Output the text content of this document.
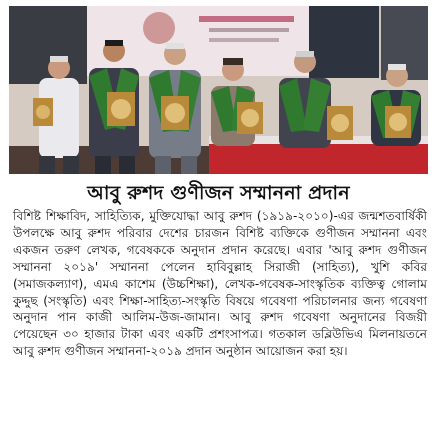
আবু রুশদ গুণীজন সম্মাননা প্রদান

বিশিষ্ট শিক্ষাবিদ, সাহিত্যিক, মুক্তিযোদ্ধা আবু রুশদ (১৯১৯-২০১০)-এর জন্মশতবার্ষিকী উপলক্ষে আবু রুশদ পরিবার দেশের চারজন বিশিষ্ট ব্যক্তিকে গুণীজন সম্মাননা এবং একজন তরুণ লেখক, গবেষককে অনুদান প্রদান করেছে। এবার 'আবু রুশদ গুণীজন সম্মাননা ২০১৯' সম্মাননা পেলেন হাবিবুল্লাহ সিরাজী (সাহিত্য), খুশি কবির (সমাজকল্যাণ), এমএ কাশেম (উচ্চশিক্ষা), লেখক-গবেষক-সাংস্কৃতিক ব্যক্তিত্ব গোলাম কুদ্দুছ (সংস্কৃতি) এবং শিক্ষা-সাহিত্য-সংস্কৃতি বিষয়ে গবেষণা পরিচালনার জন্য গবেষণা অনুদান পান কাজী আলিম-উজ-জামান। আবু রুশদ গবেষণা অনুদানের বিজয়ী পেয়েছেন ৩০ হাজার টাকা এবং একটি প্রশংসাপত্র। গতকাল ডব্লিউভিএ মিলনায়তনে আবু রুশদ গুণীজন সম্মাননা-২০১৯ প্রদান অনুষ্ঠান আয়োজন করা হয়।
